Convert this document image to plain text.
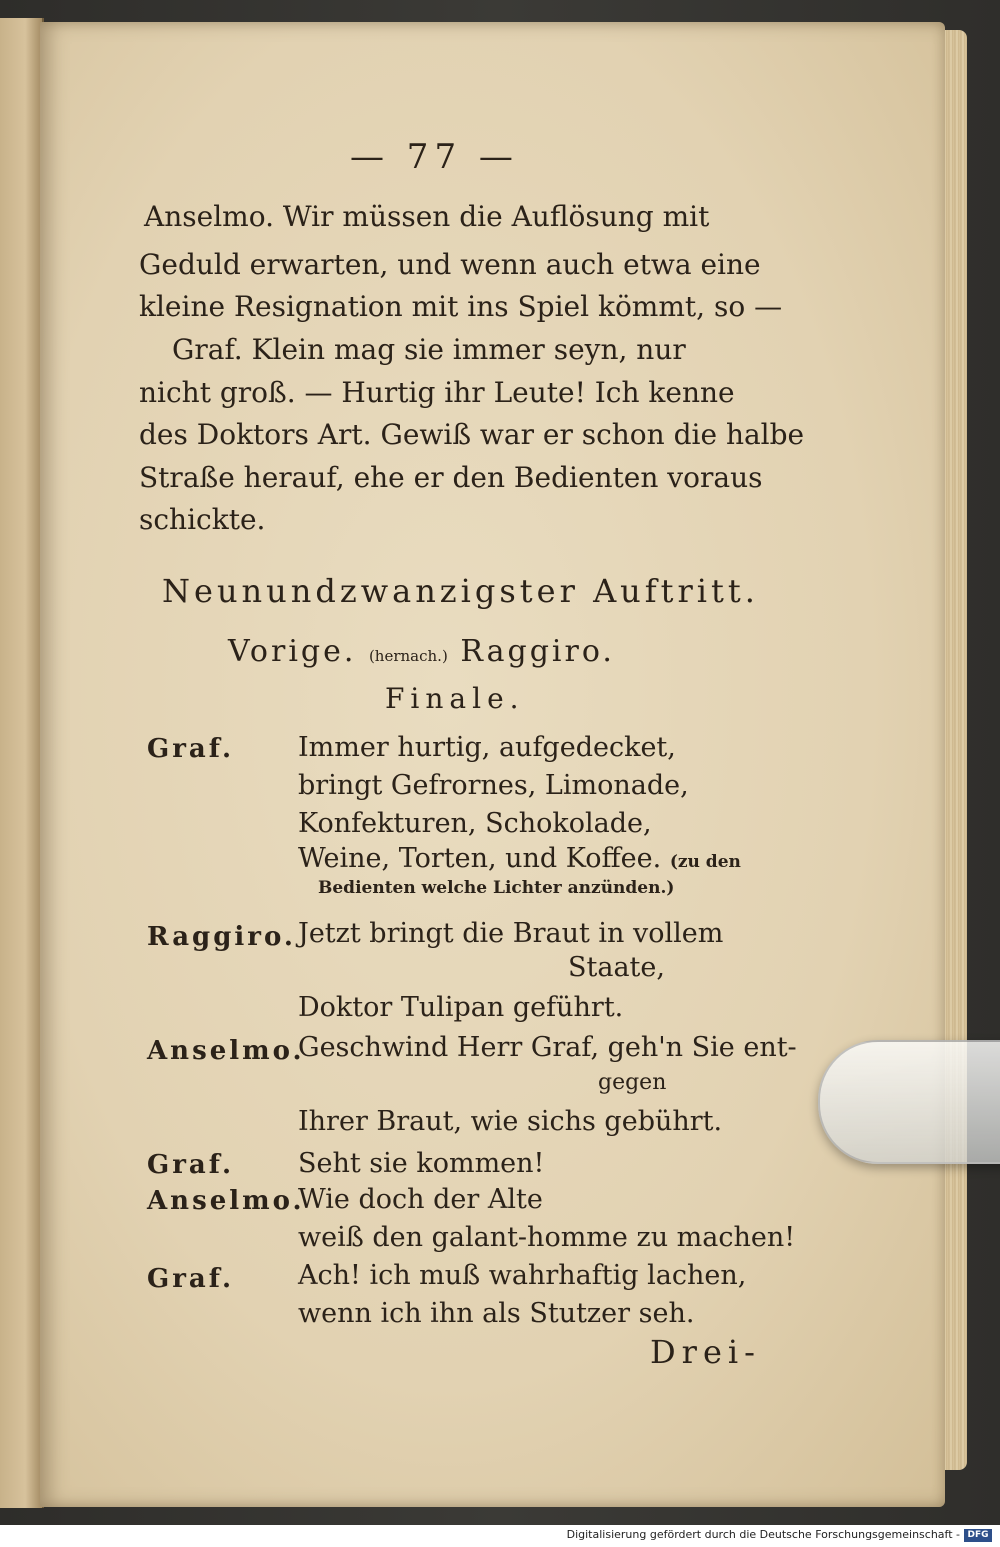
— 77 —
Anselmo. Wir müssen die Auflösung mit
Geduld erwarten, und wenn auch etwa eine
kleine Resignation mit ins Spiel kömmt, so —
Graf. Klein mag sie immer seyn, nur
nicht groß. — Hurtig ihr Leute! Ich kenne
des Doktors Art. Gewiß war er schon die halbe
Straße herauf, ehe er den Bedienten voraus
schickte.
Neunundzwanzigster Auftritt.
Vorige. (hernach.) Raggiro.
Finale.
Graf. Immer hurtig, aufgedecket,
bringt Gefrornes, Limonade,
Konfekturen, Schokolade,
Weine, Torten, und Koffee. (zu den
Bedienten welche Lichter anzünden.)
Raggiro. Jetzt bringt die Braut in vollem
Staate,
Doktor Tulipan geführt.
Anselmo.
Geschwind Herr Graf, geh'n Sie ent-
gegen
Ihrer Braut, wie sichs gebührt.
Graf. Seht sie kommen!
Anselmo.
Wie doch der Alte
weiß den galant-homme zu machen!
Graf. Ach! ich muß wahrhaftig lachen,
wenn ich ihn als Stutzer seh.
Drei-
Digitalisierung gefördert durch die Deutsche Forschungsgemeinschaft - DFG
